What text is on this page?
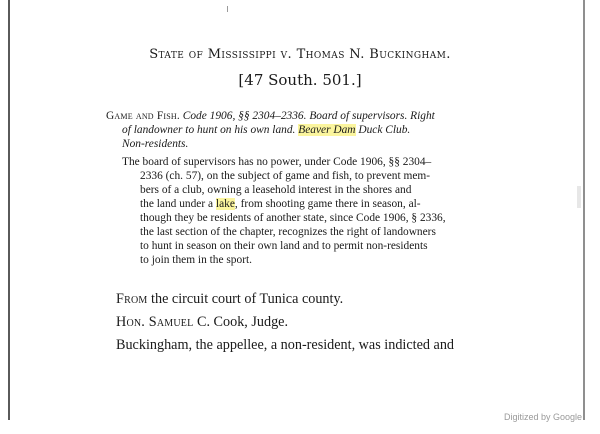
State of Mississippi v. Thomas N. Buckingham.
[47 South. 501.]
Game and Fish. Code 1906, §§ 2304–2336. Board of supervisors. Right
of landowner to hunt on his own land. Beaver Dam Duck Club.
Non-residents.
The board of supervisors has no power, under Code 1906, §§ 2304–
2336 (ch. 57), on the subject of game and fish, to prevent mem-
bers of a club, owning a leasehold interest in the shores and
the land under a lake, from shooting game there in season, al-
though they be residents of another state, since Code 1906, § 2336,
the last section of the chapter, recognizes the right of landowners
to hunt in season on their own land and to permit non-residents
to join them in the sport.
From the circuit court of Tunica county.
Hon. Samuel C. Cook, Judge.
Buckingham, the appellee, a non-resident, was indicted and
Digitized by Google
